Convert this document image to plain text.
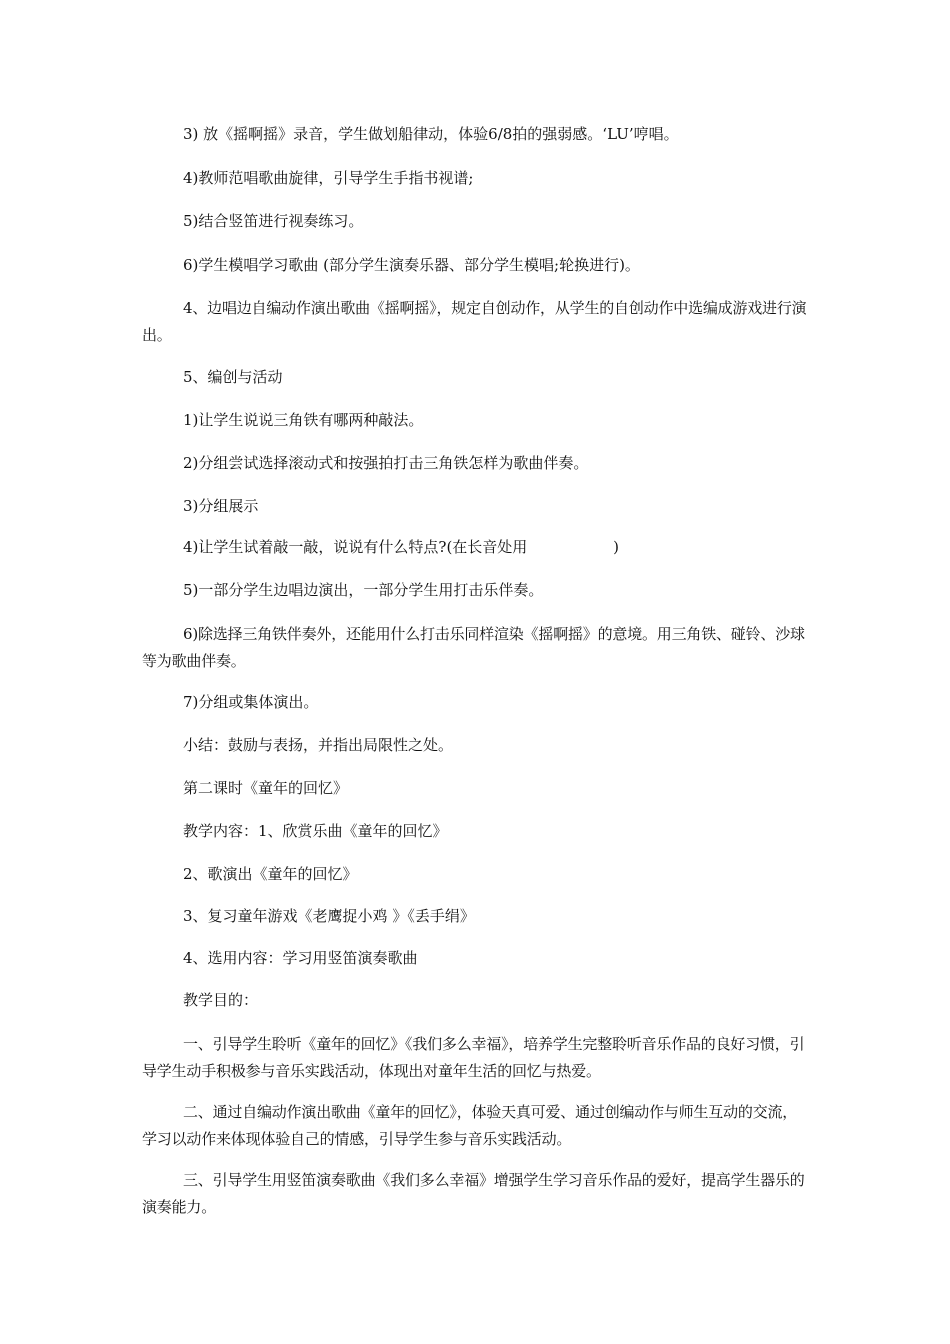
3) 放《摇啊摇》录音，学生做划船律动，体验6/8拍的强弱感。‘LU’哼唱。

4)教师范唱歌曲旋律，引导学生手指书视谱;

5)结合竖笛进行视奏练习。

6)学生模唱学习歌曲 (部分学生演奏乐器、部分学生模唱;轮换进行)。

4、边唱边自编动作演出歌曲《摇啊摇》，规定自创动作，从学生的自创动作中选编成游戏进行演出。

5、编创与活动

1)让学生说说三角铁有哪两种敲法。

2)分组尝试选择滚动式和按强拍打击三角铁怎样为歌曲伴奏。

3)分组展示

4)让学生试着敲一敲，说说有什么特点?(在长音处用                  )

5)一部分学生边唱边演出，一部分学生用打击乐伴奏。

6)除选择三角铁伴奏外，还能用什么打击乐同样渲染《摇啊摇》的意境。用三角铁、碰铃、沙球等为歌曲伴奏。

7)分组或集体演出。

小结：鼓励与表扬，并指出局限性之处。

第二课时《童年的回忆》

教学内容：1、欣赏乐曲《童年的回忆》

2、歌演出《童年的回忆》

3、复习童年游戏《老鹰捉小鸡 》《丢手绢》

4、选用内容：学习用竖笛演奏歌曲

教学目的：

一、引导学生聆听《童年的回忆》《我们多么幸福》，培养学生完整聆听音乐作品的良好习惯，引导学生动手积极参与音乐实践活动，体现出对童年生活的回忆与热爱。

二、通过自编动作演出歌曲《童年的回忆》，体验天真可爱、通过创编动作与师生互动的交流，学习以动作来体现体验自己的情感，引导学生参与音乐实践活动。

三、引导学生用竖笛演奏歌曲《我们多么幸福》增强学生学习音乐作品的爱好，提高学生器乐的演奏能力。
